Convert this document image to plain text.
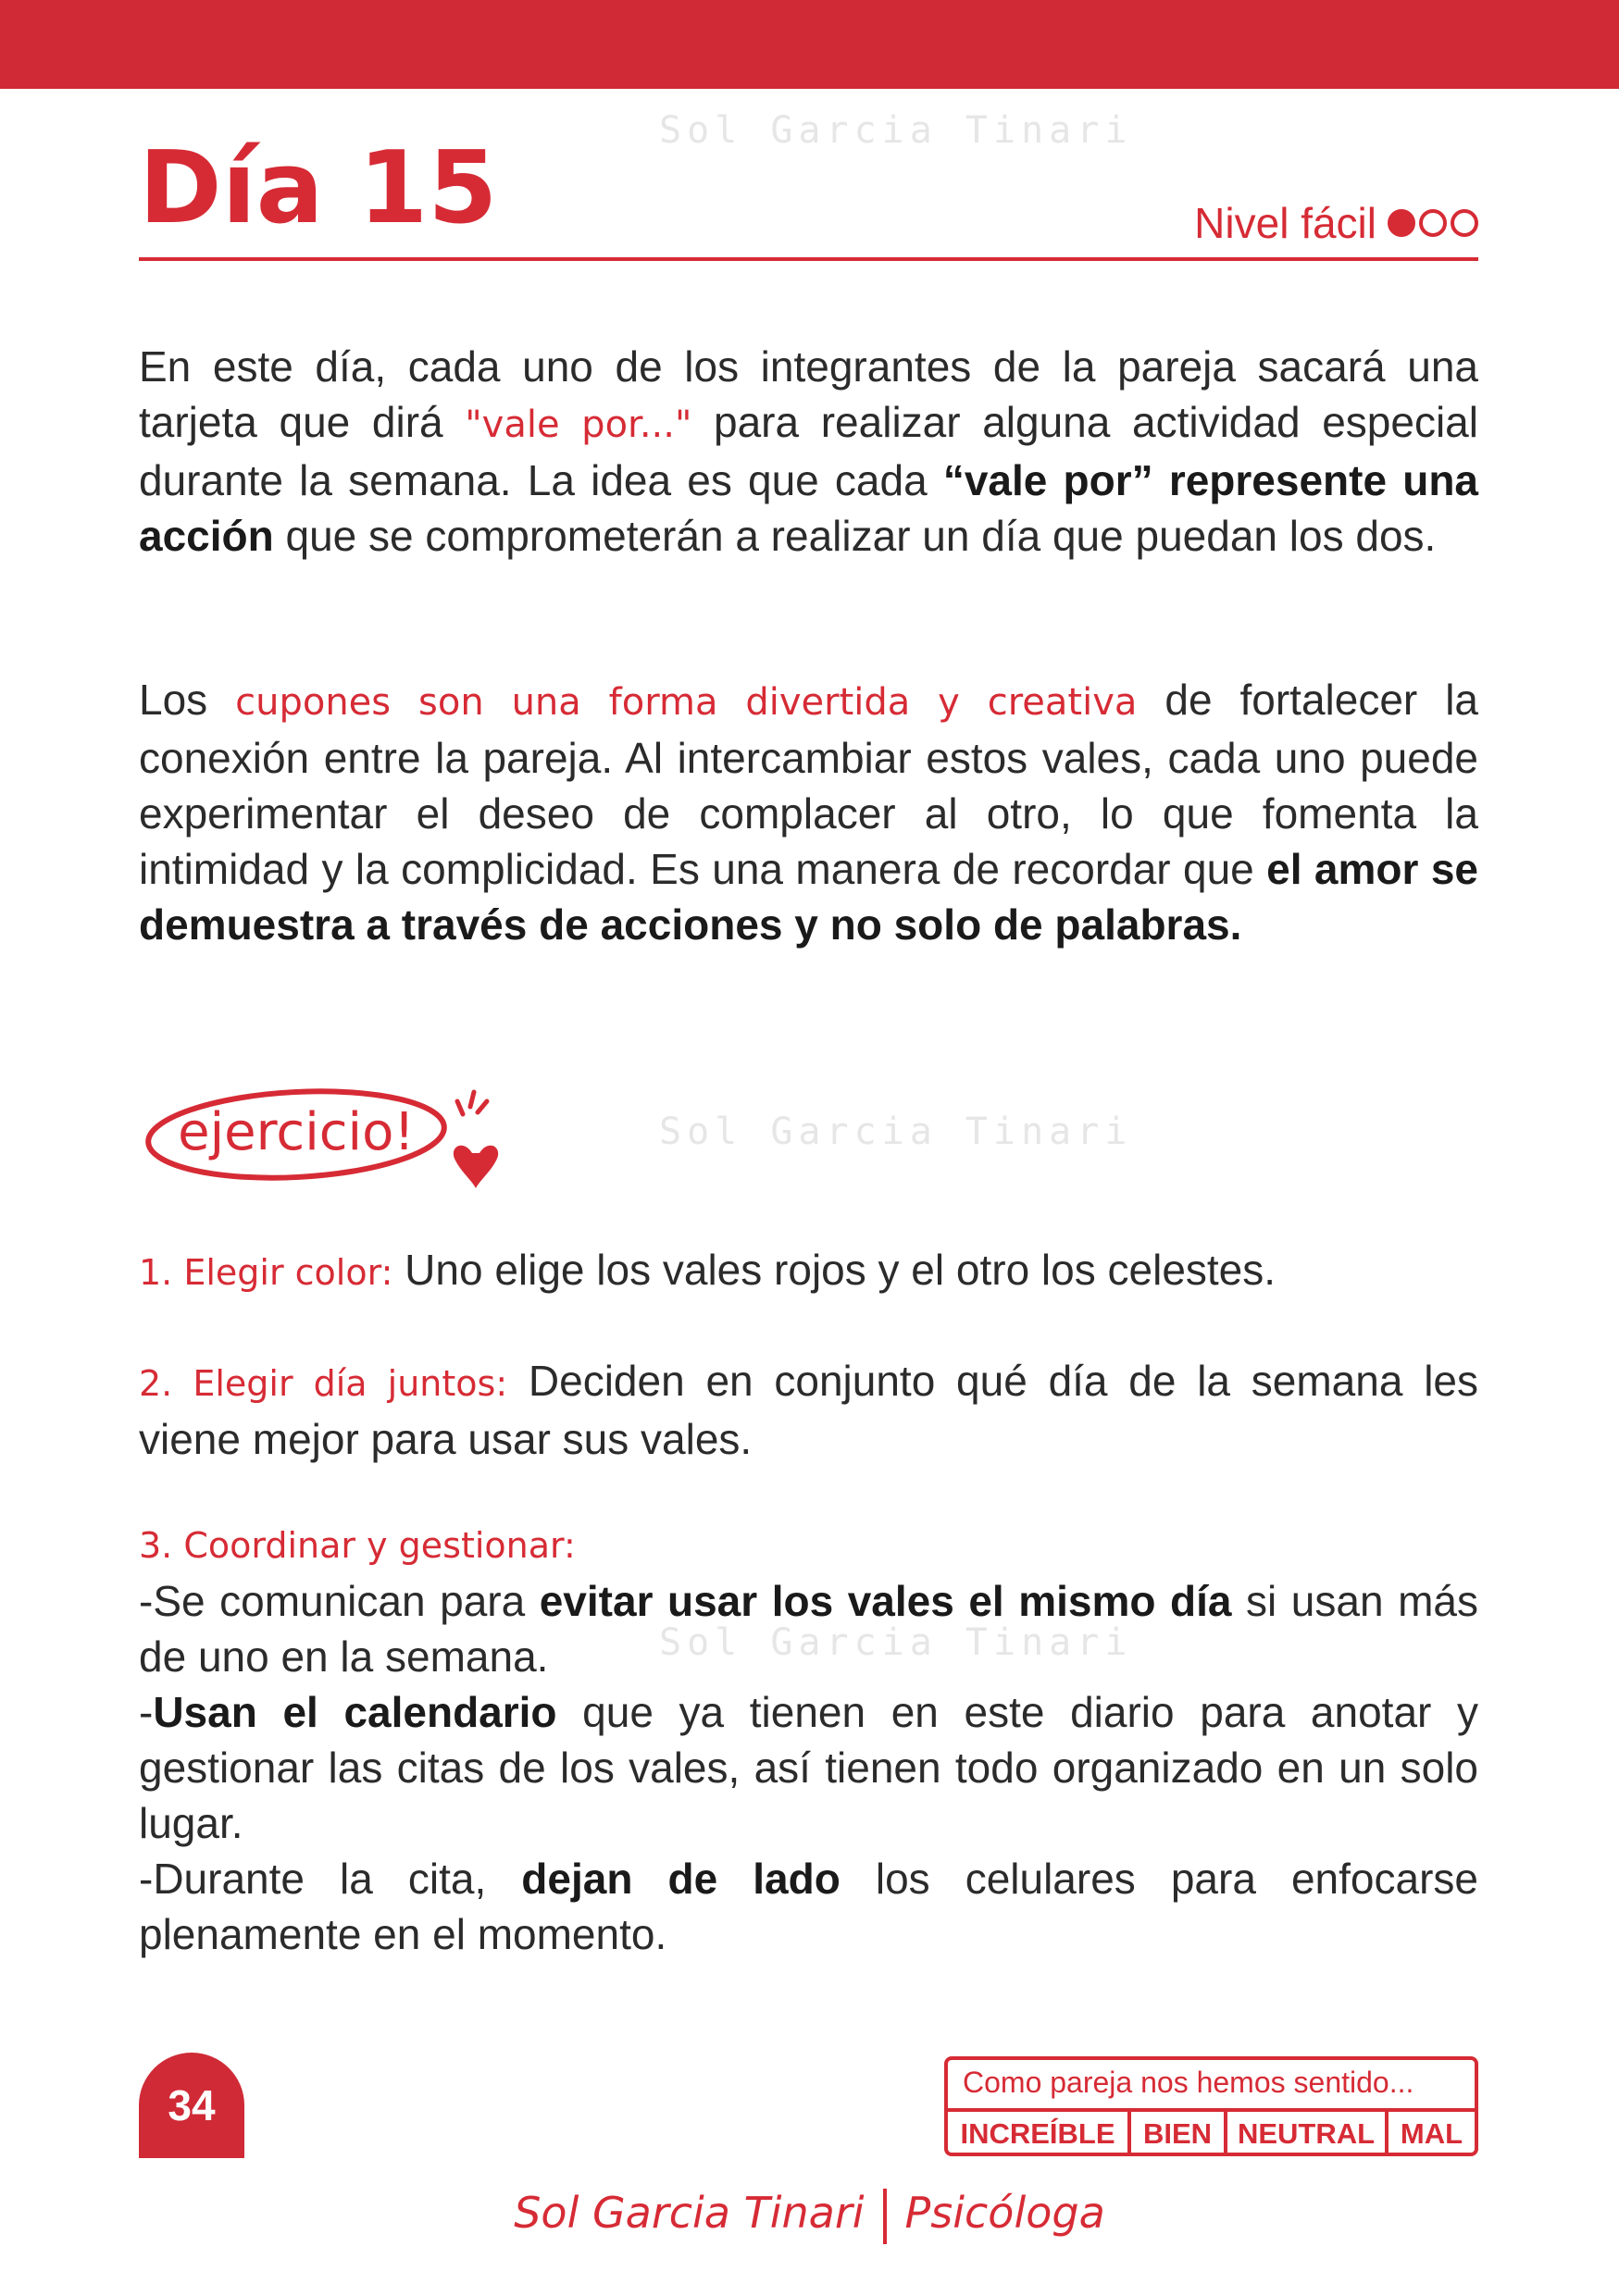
Sol Garcia Tinari
Sol Garcia Tinari
Sol Garcia Tinari
Día 15	Nivel fácil

En este día, cada uno de los integrantes de la pareja sacará una tarjeta que dirá "vale por..." para realizar alguna actividad especial durante la semana. La idea es que cada “vale por” represente una acción que se comprometerán a realizar un día que puedan los dos.

Los cupones son una forma divertida y creativa de fortalecer la conexión entre la pareja. Al intercambiar estos vales, cada uno puede experimentar el deseo de complacer al otro, lo que fomenta la intimidad y la complicidad. Es una manera de recordar que el amor se demuestra a través de acciones y no solo de palabras.

ejercicio!

1. Elegir color: Uno elige los vales rojos y el otro los celestes.

2. Elegir día juntos: Deciden en conjunto qué día de la semana les viene mejor para usar sus vales.

3. Coordinar y gestionar:
-Se comunican para evitar usar los vales el mismo día si usan más de uno en la semana.
-Usan el calendario que ya tienen en este diario para anotar y gestionar las citas de los vales, así tienen todo organizado en un solo lugar.
-Durante la cita, dejan de lado los celulares para enfocarse plenamente en el momento.
34	Como pareja nos hemos sentido...
INCREÍBLE BIEN NEUTRAL MAL
Sol Garcia Tinari Psicóloga
